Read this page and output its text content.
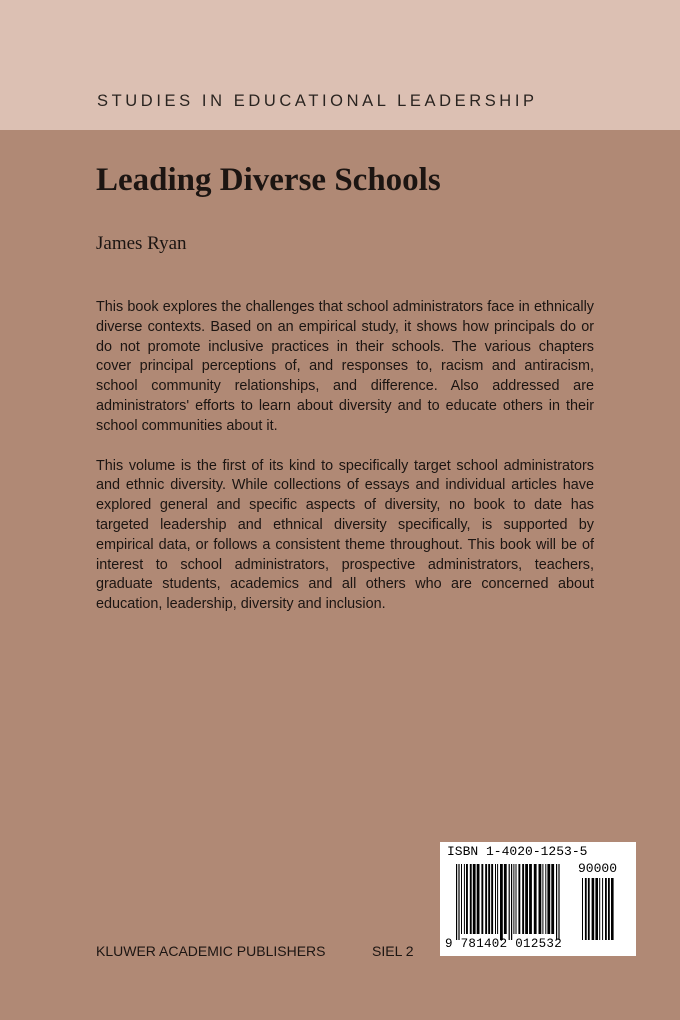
STUDIES IN EDUCATIONAL LEADERSHIP
Leading Diverse Schools
James Ryan

This book explores the challenges that school administrators face in ethnically diverse contexts. Based on an empirical study, it shows how principals do or do not promote inclusive practices in their schools. The various chapters cover principal perceptions of, and responses to, racism and antiracism, school community relationships, and difference. Also addressed are administrators' efforts to learn about diversity and to educate others in their school communities about it.

This volume is the first of its kind to specifically target school administrators and ethnic diversity. While collections of essays and individual articles have explored general and specific aspects of diversity, no book to date has targeted leadership and ethnical diversity specifically, is supported by empirical data, or follows a consistent theme throughout. This book will be of interest to school administrators, prospective administrators, teachers, graduate students, academics and all others who are concerned about education, leadership, diversity and inclusion.

KLUWER ACADEMIC PUBLISHERS	SIEL 2
ISBN 1-4020-1253-5
90000
9 781402 012532
